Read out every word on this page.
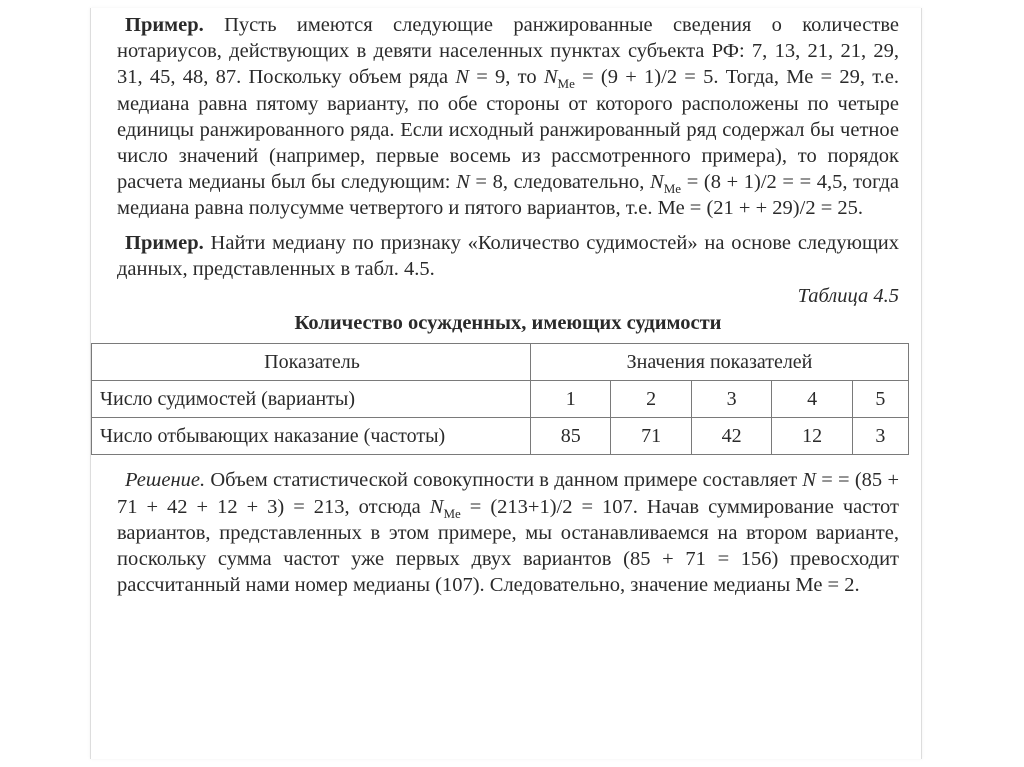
Пример. Пусть имеются следующие ранжированные сведения о количестве нотариусов, действующих в девяти населенных пунктах субъекта РФ: 7, 13, 21, 21, 29, 31, 45, 48, 87. Поскольку объем ряда N = 9, то $N_{Me} = (9 + 1)/2 = 5$. Тогда, Ме = 29, т.е. медиана равна пятому варианту, по обе стороны от которого расположены по четыре единицы ранжированного ряда. Если исходный ранжированный ряд содержал бы четное число значений (например, первые восемь из рассмотренного примера), то порядок расчета медианы был бы следующим: N = 8, следовательно, $N_{Me} = (8 + 1)/2$ = = 4,5, тогда медиана равна полусумме четвертого и пятого вариантов, т.е. Ме = (21 + + 29)/2 = 25.

Пример. Найти медиану по признаку «Количество судимостей» на основе следующих данных, представленных в табл. 4.5.

Таблица 4.5
Количество осужденных, имеющих судимости
Показатель	Значения показателей				
Число судимостей (варианты)	1	2	3	4	5
Число отбывающих наказание (частоты)	85	71	42	12	3

Решение. Объем статистической совокупности в данном примере составляет N = = (85 + 71 + 42 + 12 + 3) = 213, отсюда $N_{Me} = (213+1)/2 = 107$. Начав суммирование частот вариантов, представленных в этом примере, мы останавливаемся на втором варианте, поскольку сумма частот уже первых двух вариантов (85 + 71 = 156) превосходит рассчитанный нами номер медианы (107). Следовательно, значение медианы Ме = 2.
